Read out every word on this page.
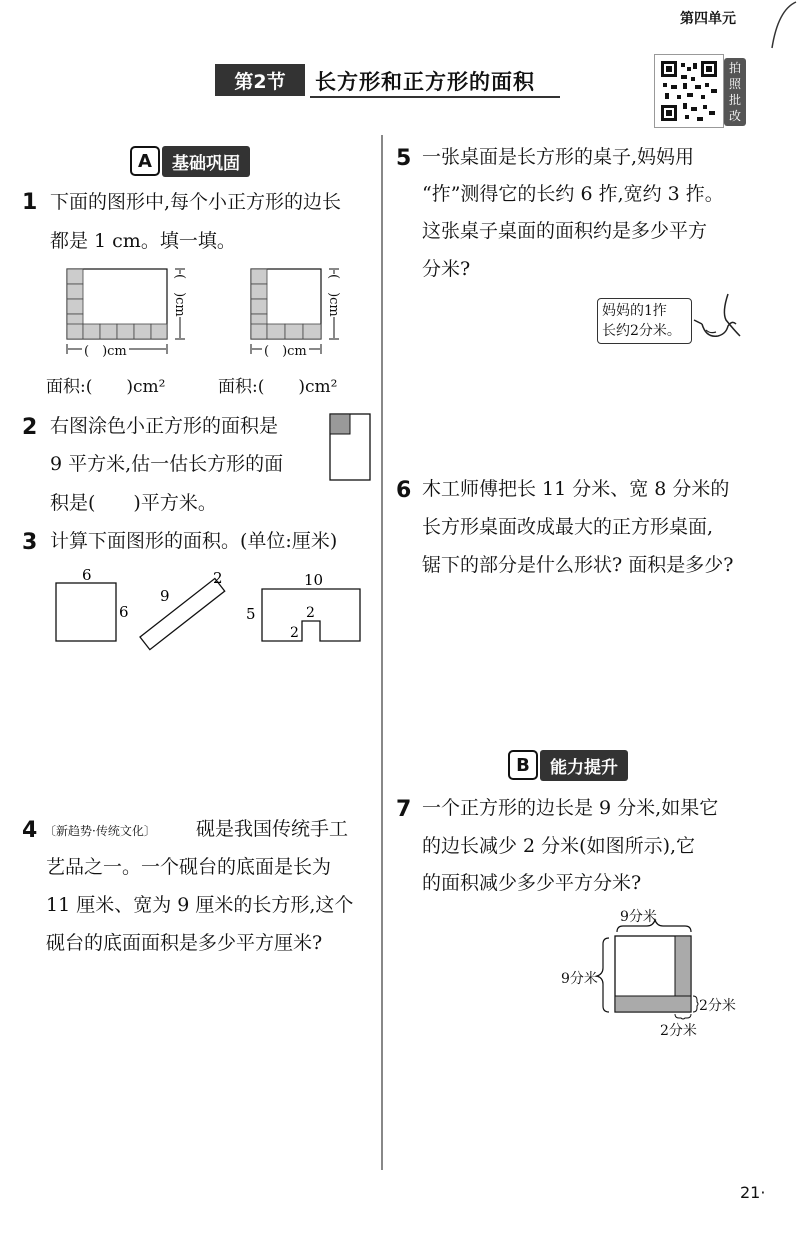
第四单元
第2节	长方形和正方形的面积
拍照批改
A	基础巩固
1 下面的图形中,每个小正方形的边长
都是 1 cm。填一填。
(　)cm
(　)cm
(　)cm
(　)cm
面积:(　　)cm²	面积:(　　)cm²
2 右图涂色小正方形的面积是
9 平方米,估一估长方形的面
积是(　　)平方米。
3 计算下面图形的面积。(单位:厘米)
6
6
9
2	10
5	2
2
4 〔新趋势·传统文化〕 砚是我国传统手工
艺品之一。一个砚台的底面是长为
11 厘米、宽为 9 厘米的长方形,这个
砚台的底面面积是多少平方厘米?
5 一张桌面是长方形的桌子,妈妈用
“拃”测得它的长约 6 拃,宽约 3 拃。
这张桌子桌面的面积约是多少平方
分米?
妈妈的1拃
长约2分米。
6 木工师傅把长 11 分米、宽 8 分米的
长方形桌面改成最大的正方形桌面,
锯下的部分是什么形状? 面积是多少?
B	能力提升
7 一个正方形的边长是 9 分米,如果它
的边长减少 2 分米(如图所示),它
的面积减少多少平方分米?
9分米
9分米
2分米
2分米
21·
